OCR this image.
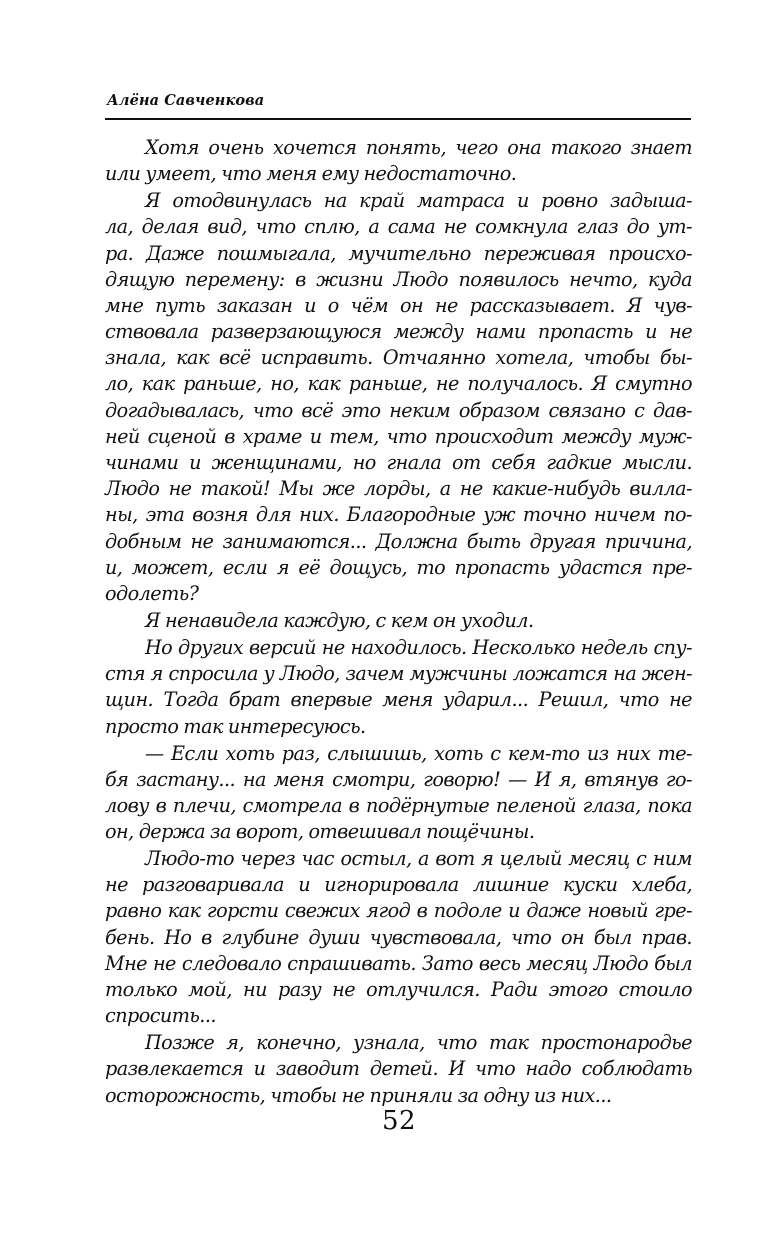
Алёна Савченкова
Хотя очень хочется понять, чего она такого знает
или умеет, что меня ему недостаточно.
Я отодвинулась на край матраса и ровно задыша-
ла, делая вид, что сплю, а сама не сомкнула глаз до ут-
ра. Даже пошмыгала, мучительно переживая происхо-
дящую перемену: в жизни Людо появилось нечто, куда
мне путь заказан и о чём он не рассказывает. Я чув-
ствовала разверзающуюся между нами пропасть и не
знала, как всё исправить. Отчаянно хотела, чтобы бы-
ло, как раньше, но, как раньше, не получалось. Я смутно
догадывалась, что всё это неким образом связано с дав-
ней сценой в храме и тем, что происходит между муж-
чинами и женщинами, но гнала от себя гадкие мысли.
Людо не такой! Мы же лорды, а не какие-нибудь вилла-
ны, эта возня для них. Благородные уж точно ничем по-
добным не занимаются... Должна быть другая причина,
и, может, если я её дощусь, то пропасть удастся пре-
одолеть?
Я ненавидела каждую, с кем он уходил.
Но других версий не находилось. Несколько недель спу-
стя я спросила у Людо, зачем мужчины ложатся на жен-
щин. Тогда брат впервые меня ударил... Решил, что не
просто так интересуюсь.
— Если хоть раз, слышишь, хоть с кем-то из них те-
бя застану... на меня смотри, говорю! — И я, втянув го-
лову в плечи, смотрела в подёрнутые пеленой глаза, пока
он, держа за ворот, отвешивал пощёчины.
Людо-то через час остыл, а вот я целый месяц с ним
не разговаривала и игнорировала лишние куски хлеба,
равно как горсти свежих ягод в подоле и даже новый гре-
бень. Но в глубине души чувствовала, что он был прав.
Мне не следовало спрашивать. Зато весь месяц Людо был
только мой, ни разу не отлучился. Ради этого стоило
спросить...
Позже я, конечно, узнала, что так простонародье
развлекается и заводит детей. И что надо соблюдать
осторожность, чтобы не приняли за одну из них...
52
